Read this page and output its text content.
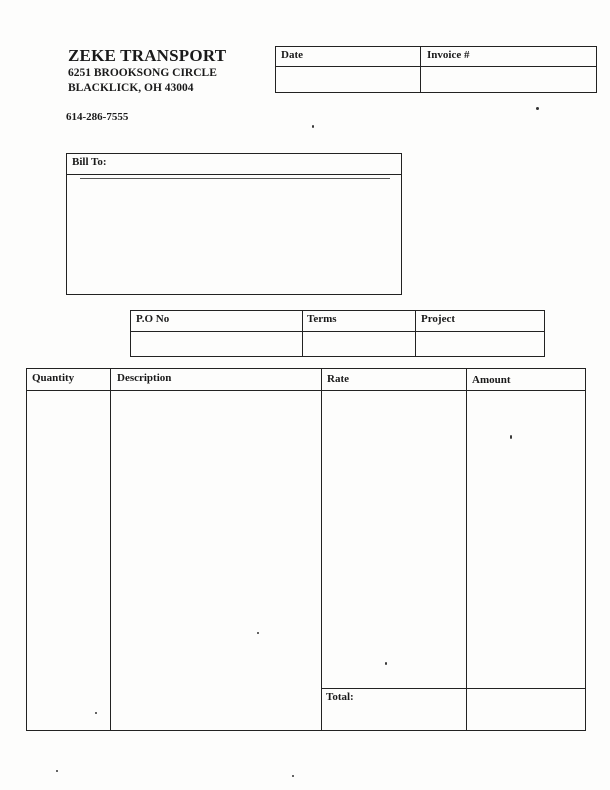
ZEKE TRANSPORT
6251 BROOKSONG CIRCLE
BLACKLICK, OH 43004
614-286-7555
Date	Invoice #
Bill To:
P.O No	Terms	Project
Quantity	Description	Rate	Amount
Total:
